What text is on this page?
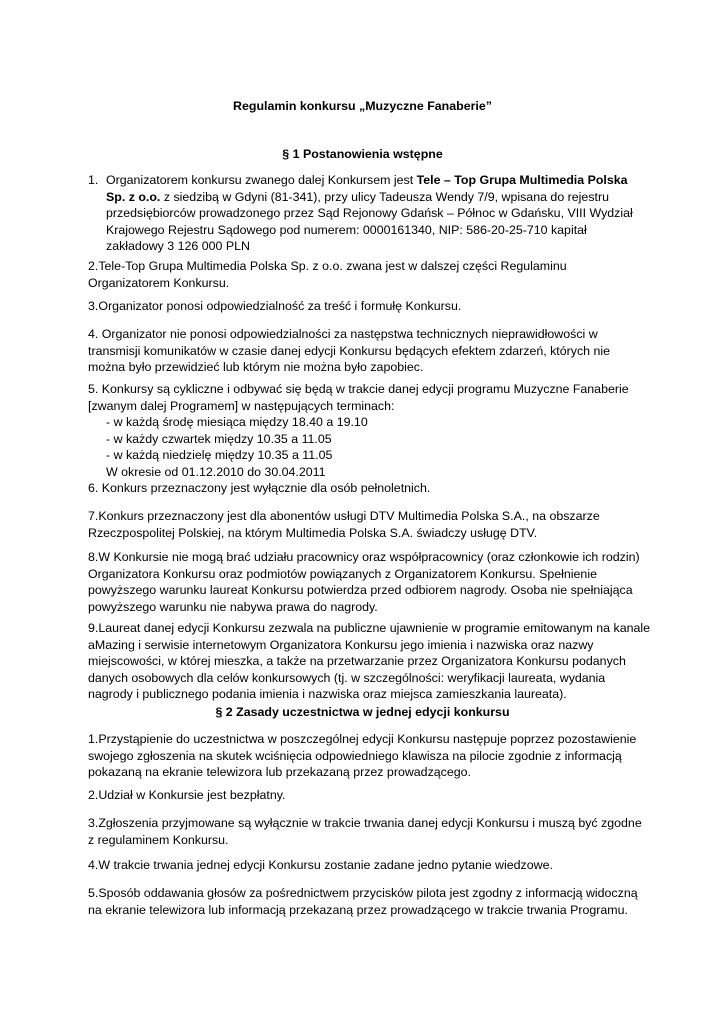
Regulamin konkursu „Muzyczne Fanaberie”

§ 1 Postanowienia wstępne

1. Organizatorem konkursu zwanego dalej Konkursem jest Tele – Top Grupa Multimedia Polska
Sp. z o.o. z siedzibą w Gdyni (81-341), przy ulicy Tadeusza Wendy 7/9, wpisana do rejestru
przedsiębiorców prowadzonego przez Sąd Rejonowy Gdańsk – Północ w Gdańsku, VIII Wydział
Krajowego Rejestru Sądowego pod numerem: 0000161340, NIP: 586-20-25-710 kapitał
zakładowy 3 126 000 PLN
2.Tele-Top Grupa Multimedia Polska Sp. z o.o. zwana jest w dalszej części Regulaminu
Organizatorem Konkursu.
3.Organizator ponosi odpowiedzialność za treść i formułę Konkursu.
4. Organizator nie ponosi odpowiedzialności za następstwa technicznych nieprawidłowości w
transmisji komunikatów w czasie danej edycji Konkursu będących efektem zdarzeń, których nie
można było przewidzieć lub którym nie można było zapobiec.
5. Konkursy są cykliczne i odbywać się będą w trakcie danej edycji programu Muzyczne Fanaberie
[zwanym dalej Programem] w następujących terminach:
- w każdą środę miesiąca między 18.40 a 19.10
- w każdy czwartek między 10.35 a 11.05
- w każdą niedzielę między 10.35 a 11.05
W okresie od 01.12.2010 do 30.04.2011
6. Konkurs przeznaczony jest wyłącznie dla osób pełnoletnich.
7.Konkurs przeznaczony jest dla abonentów usługi DTV Multimedia Polska S.A., na obszarze
Rzeczpospolitej Polskiej, na którym Multimedia Polska S.A. świadczy usługę DTV.
8.W Konkursie nie mogą brać udziału pracownicy oraz współpracownicy (oraz członkowie ich rodzin)
Organizatora Konkursu oraz podmiotów powiązanych z Organizatorem Konkursu. Spełnienie
powyższego warunku laureat Konkursu potwierdza przed odbiorem nagrody. Osoba nie spełniająca
powyższego warunku nie nabywa prawa do nagrody.
9.Laureat danej edycji Konkursu zezwala na publiczne ujawnienie w programie emitowanym na kanale
aMazing i serwisie internetowym Organizatora Konkursu jego imienia i nazwiska oraz nazwy
miejscowości, w której mieszka, a także na przetwarzanie przez Organizatora Konkursu podanych
danych osobowych dla celów konkursowych (tj. w szczególności: weryfikacji laureata, wydania
nagrody i publicznego podania imienia i nazwiska oraz miejsca zamieszkania laureata).

§ 2 Zasady uczestnictwa w jednej edycji konkursu

1.Przystąpienie do uczestnictwa w poszczególnej edycji Konkursu następuje poprzez pozostawienie
swojego zgłoszenia na skutek wciśnięcia odpowiedniego klawisza na pilocie zgodnie z informacją
pokazaną na ekranie telewizora lub przekazaną przez prowadzącego.
2.Udział w Konkursie jest bezpłatny.
3.Zgłoszenia przyjmowane są wyłącznie w trakcie trwania danej edycji Konkursu i muszą być zgodne
z regulaminem Konkursu.
4.W trakcie trwania jednej edycji Konkursu zostanie zadane jedno pytanie wiedzowe.
5.Sposób oddawania głosów za pośrednictwem przycisków pilota jest zgodny z informacją widoczną
na ekranie telewizora lub informacją przekazaną przez prowadzącego w trakcie trwania Programu.
